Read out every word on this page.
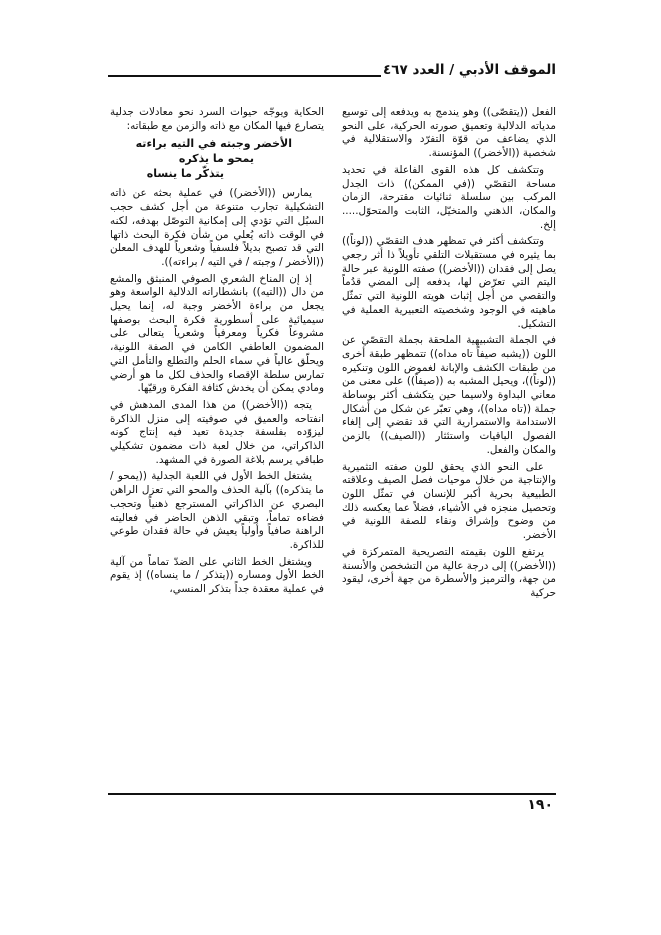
الموقف الأدبي / العدد ٤٦٧

الفعل ((يتقصّى)) وهو يندمج به ويدفعه إلى توسيع مدياته الدلالية وتعميق صورته الحركية، على النحو الذي يضاعف من قوّة التفرّد والاستقلالية في شخصية ((الأخضر)) المؤنسنة.

وتتكشف كل هذه القوى الفاعلة في تحديد مساحة التقصّي ((في الممكن)) ذات الجدل المركب بين سلسلة ثنائيات مقترحة، الزمان والمكان، الذهني والمتخيّل، الثابت والمتحوّل..... إلخ.

وتتكشف أكثر في تمظهر هدف التقصّي ((لوناً)) بما يثيره في مستقبلات التلقي تأويلاً ذا أثر رجعي يصل إلى فقدان ((الأخضر)) صفته اللونية عبر حالة اليتم التي تعرّض لها، يدفعه إلى المضي قدُماً والتقصي من أجل إثبات هويته اللونية التي تمثّل ماهيته في الوجود وشخصيته التعبيرية العملية في التشكيل.

في الجملة التشبيهية الملحقة بجملة التقصّي عن اللون ((يشبه صيفاً تاه مداه)) تتمظهر طبقة أخرى من طبقات الكشف والإبانة لغموض اللون وتنكيره ((لوناً))، ويحيل المشبه به ((صيفاً)) على معنى من معاني البداوة ولاسيما حين يتكشف أكثر بوساطة جملة ((تاه مداه))، وهي تعبّر عن شكل من أشكال الاستدامة والاستمرارية التي قد تقضي إلى إلغاء الفصول الباقيات واستئثار ((الصيف)) بالزمن والمكان والفعل.

على النحو الذي يحقق للون صفته التثميرية والإنتاجية من خلال موحيات فصل الصيف وعلاقته الطبيعية بحرية أكبر للإنسان في تمثّل اللون وتحصيل منجزه في الأشياء، فضلاً عما يعكسه ذلك من وضوح وإشراق ونقاء للصفة اللونية في الأخضر.

يرتفع اللون بقيمته التصريحية المتمركزة في ((الأخضر)) إلى درجة عالية من التشخصن والأنسنة من جهة، والترميز والأسطرة من جهة أخرى، ليقود حركية

الحكاية ويوجّه حيوات السرد نحو معادلات جدلية يتصارع فيها المكان مع ذاته والزمن مع طبقاته:

الأخضر وجبته في التيه براءته
يمحو ما يذكره
يتذكّر ما ينساه

يمارس ((الأخضر)) في عملية بحثه عن ذاته التشكيلية تجارب متنوعة من أجل كشف حجب السبُل التي تؤدي إلى إمكانية التوصّل بهدفه، لكنه في الوقت ذاته يُعلي من شأن فكرة البحث ذاتها التي قد تصبح بديلاً فلسفياً وشعرياً للهدف المعلن ((الأخضر / وجبته / في التيه / براءته)).

إذ إن المناخ الشعري الصوفي المنبثق والمشع من دال ((التيه)) بانشطاراته الدلالية الواسعة وهو يجعل من براءة الأخضر وجبة له، إنما يحيل سيميائية على أسطورية فكرة البحث بوصفها مشروعاً فكرياً ومعرفياً وشعرياً يتعالى على المضمون العاطفي الكامن في الصفة اللونية، ويحلّق عالياً في سماء الحلم والتطلع والتأمل التي تمارس سلطة الإقصاء والحذف لكل ما هو أرضي ومادي يمكن أن يخدش كثافة الفكرة ورقيّها.

يتجه ((الأخضر)) من هذا المدى المدهش في انفتاحه والعميق في صوفيته إلى منزل الذاكرة ليزوّده بفلسفة جديدة تعيد فيه إنتاج كونه الذاكراتي، من خلال لعبة ذات مضمون تشكيلي طباقي يرسم بلاغة الصورة في المشهد.

يشتغل الخط الأول في اللعبة الجدلية ((يمحو / ما يتذكره)) بآلية الحذف والمحو التي تعزل الراهن البصري عن الذاكراتي المسترجع ذهنياً وتحجب فضاءه تماماً، وتبقي الذهن الحاضر في فعاليته الراهنة صافياً وأولياً يعيش في حالة فقدان طوعي للذاكرة.

ويشتغل الخط الثاني على الضدّ تماماً من آلية الخط الأول ومساره ((يتذكر / ما ينساه)) إذ يقوم في عملية معقدة جداً بتذكر المنسي،

١٩٠
